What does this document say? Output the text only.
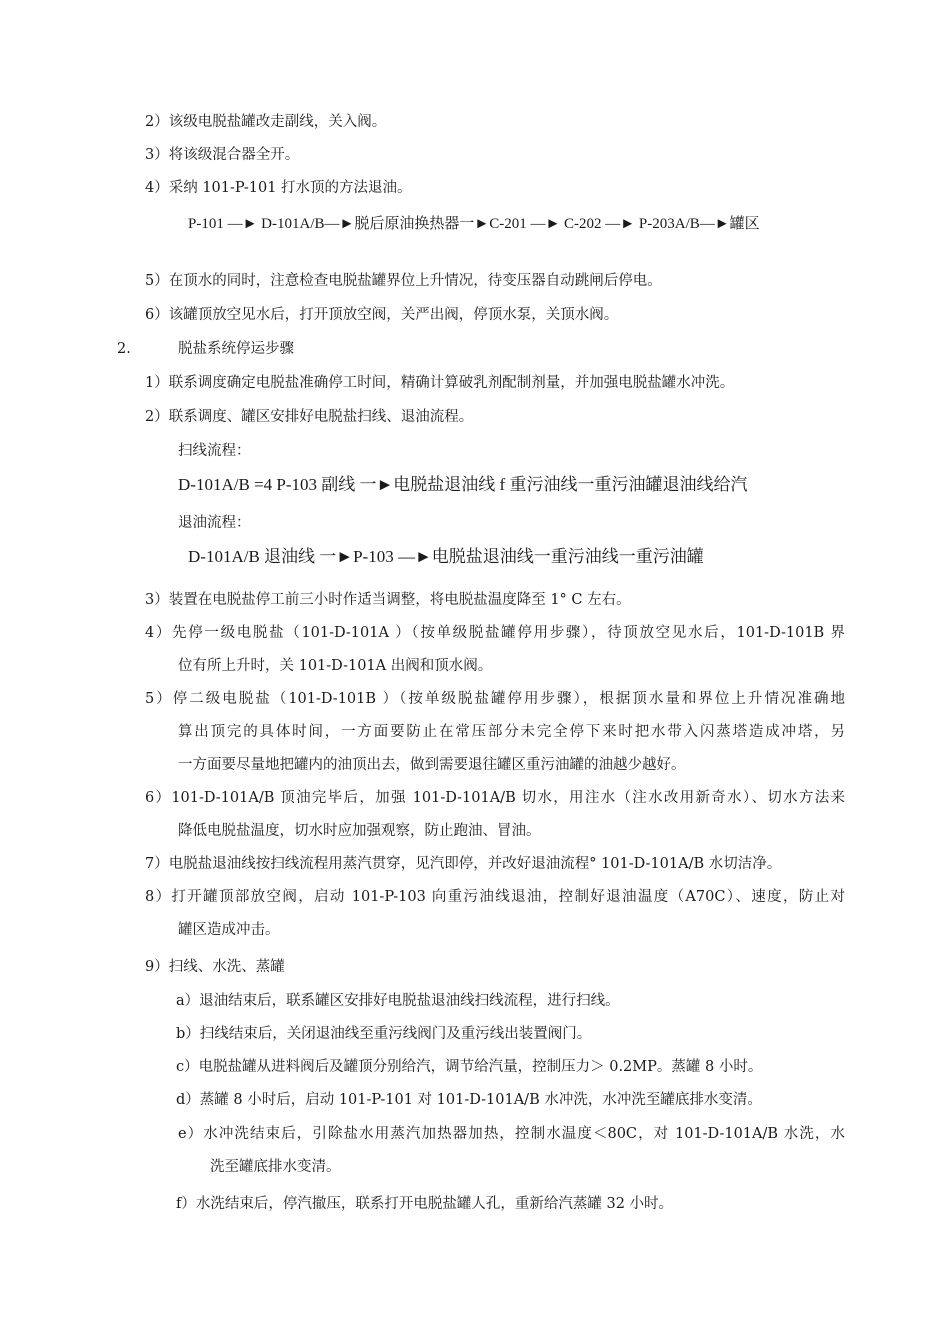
2）该级电脱盐罐改走副线，关入阀。
3）将该级混合器全开。
4）采纳 101-P-101 打水顶的方法退油。
P-101 —► D-101A/B—►脱后原油换热器一►C-201 —► C-202 —► P-203A/B—►罐区
5）在顶水的同时，注意检查电脱盐罐界位上升情况，待变压器自动跳闸后停电。
6）该罐顶放空见水后，打开顶放空阀，关严出阀，停顶水泵，关顶水阀。
2.	脱盐系统停运步骤
1）联系调度确定电脱盐准确停工时间，精确计算破乳剂配制剂量，并加强电脱盐罐水冲洗。
2）联系调度、罐区安排好电脱盐扫线、退油流程。
扫线流程：
D-101A/B =4 P-103 副线 一►电脱盐退油线 f 重污油线一重污油罐退油线给汽
退油流程：
D-101A/B 退油线 一►P-103 —►电脱盐退油线一重污油线一重污油罐
3）装置在电脱盐停工前三小时作适当调整，将电脱盐温度降至 1° C 左右。
4）先停一级电脱盐（101-D-101A ）（按单级脱盐罐停用步骤），待顶放空见水后，101-D-101B 界
位有所上升时，关 101-D-101A 出阀和顶水阀。
5）停二级电脱盐（101-D-101B ）（按单级脱盐罐停用步骤），根据顶水量和界位上升情况准确地
算出顶完的具体时间，一方面要防止在常压部分未完全停下来时把水带入闪蒸塔造成冲塔，另
一方面要尽量地把罐内的油顶出去，做到需要退往罐区重污油罐的油越少越好。
6）101-D-101A/B 顶油完毕后，加强 101-D-101A/B 切水，用注水（注水改用新奇水）、切水方法来
降低电脱盐温度，切水时应加强观察，防止跑油、冒油。
7）电脱盐退油线按扫线流程用蒸汽贯穿，见汽即停，并改好退油流程° 101-D-101A/B 水切洁净。
8）打开罐顶部放空阀，启动 101-P-103 向重污油线退油，控制好退油温度（A70C）、速度，防止对
罐区造成冲击。
9）扫线、水洗、蒸罐
a）退油结束后，联系罐区安排好电脱盐退油线扫线流程，进行扫线。
b）扫线结束后，关闭退油线至重污线阀门及重污线出装置阀门。
c）电脱盐罐从进料阀后及罐顶分别给汽，调节给汽量，控制压力＞ 0.2MP。蒸罐 8 小时。
d）蒸罐 8 小时后，启动 101-P-101 对 101-D-101A/B 水冲洗，水冲洗至罐底排水变清。
e）水冲洗结束后，引除盐水用蒸汽加热器加热，控制水温度＜80C，对 101-D-101A/B 水洗，水
洗至罐底排水变清。
f）水洗结束后，停汽撤压，联系打开电脱盐罐人孔，重新给汽蒸罐 32 小时。
